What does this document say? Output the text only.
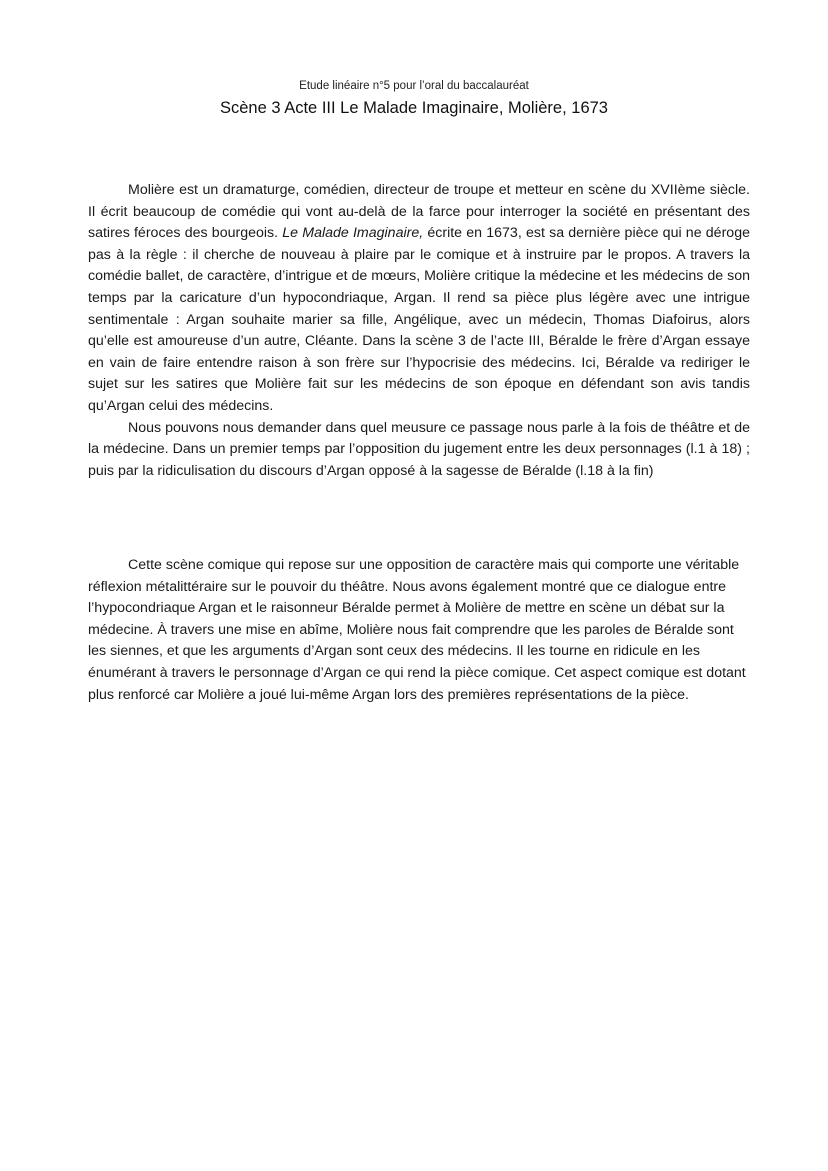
Etude linéaire n°5 pour l’oral du baccalauréat
Scène 3 Acte III Le Malade Imaginaire, Molière, 1673

Molière est un dramaturge, comédien, directeur de troupe et metteur en scène du XVIIème siècle. Il écrit beaucoup de comédie qui vont au-delà de la farce pour interroger la société en présentant des satires féroces des bourgeois. Le Malade Imaginaire, écrite en 1673, est sa dernière pièce qui ne déroge pas à la règle : il cherche de nouveau à plaire par le comique et à instruire par le propos. A travers la comédie ballet, de caractère, d’intrigue et de mœurs, Molière critique la médecine et les médecins de son temps par la caricature d’un hypocondriaque, Argan. Il rend sa pièce plus légère avec une intrigue sentimentale : Argan souhaite marier sa fille, Angélique, avec un médecin, Thomas Diafoirus, alors qu’elle est amoureuse d’un autre, Cléante. Dans la scène 3 de l’acte III, Béralde le frère d’Argan essaye en vain de faire entendre raison à son frère sur l’hypocrisie des médecins. Ici, Béralde va rediriger le sujet sur les satires que Molière fait sur les médecins de son époque en défendant son avis tandis qu’Argan celui des médecins.

Nous pouvons nous demander dans quel meusure ce passage nous parle à la fois de théâtre et de la médecine. Dans un premier temps par l’opposition du jugement entre les deux personnages (l.1 à 18) ; puis par la ridiculisation du discours d’Argan opposé à la sagesse de Béralde (l.18 à la fin)

Cette scène comique qui repose sur une opposition de caractère mais qui comporte une véritable réflexion métalittéraire sur le pouvoir du théâtre. Nous avons également montré que ce dialogue entre l’hypocondriaque Argan et le raisonneur Béralde permet à Molière de mettre en scène un débat sur la médecine. À travers une mise en abîme, Molière nous fait comprendre que les paroles de Béralde sont les siennes, et que les arguments d’Argan sont ceux des médecins. Il les tourne en ridicule en les énumérant à travers le personnage d’Argan ce qui rend la pièce comique. Cet aspect comique est dotant plus renforcé car Molière a joué lui-même Argan lors des premières représentations de la pièce.
